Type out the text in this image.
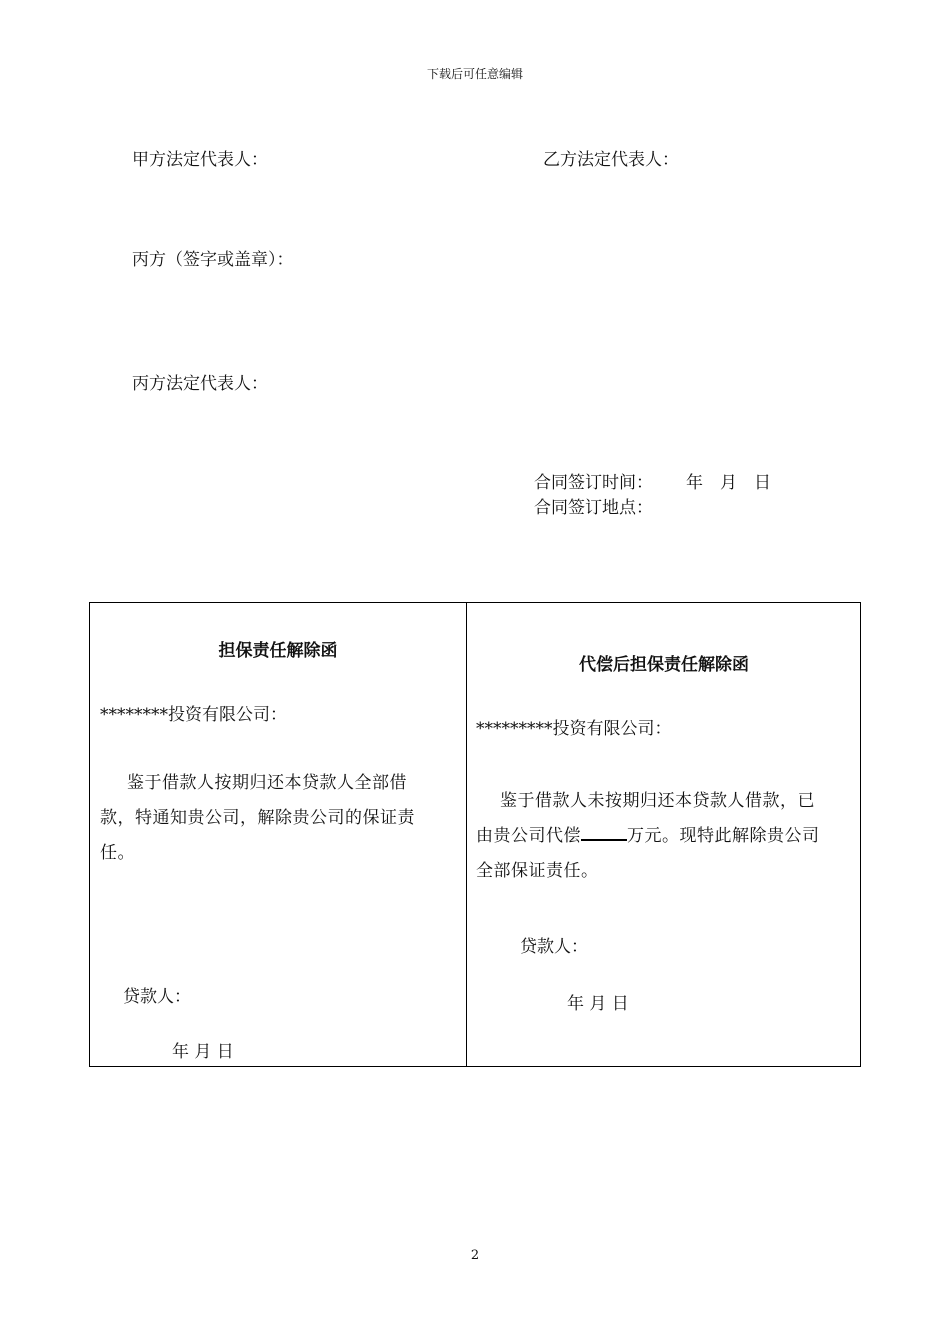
下载后可任意编辑
甲方法定代表人：	乙方法定代表人：
丙方（签字或盖章）：
丙方法定代表人：
合同签订时间： 年　月　日
合同签订地点：
担保责任解除函
********投资有限公司：
鉴于借款人按期归还本贷款人全部借
款，特通知贵公司，解除贵公司的保证责
任。
贷款人：
年 月 日
代偿后担保责任解除函
*********投资有限公司：
鉴于借款人未按期归还本贷款人借款，已
由贵公司代偿	万元。现特此解除贵公司
全部保证责任。
贷款人：
年 月 日
2
